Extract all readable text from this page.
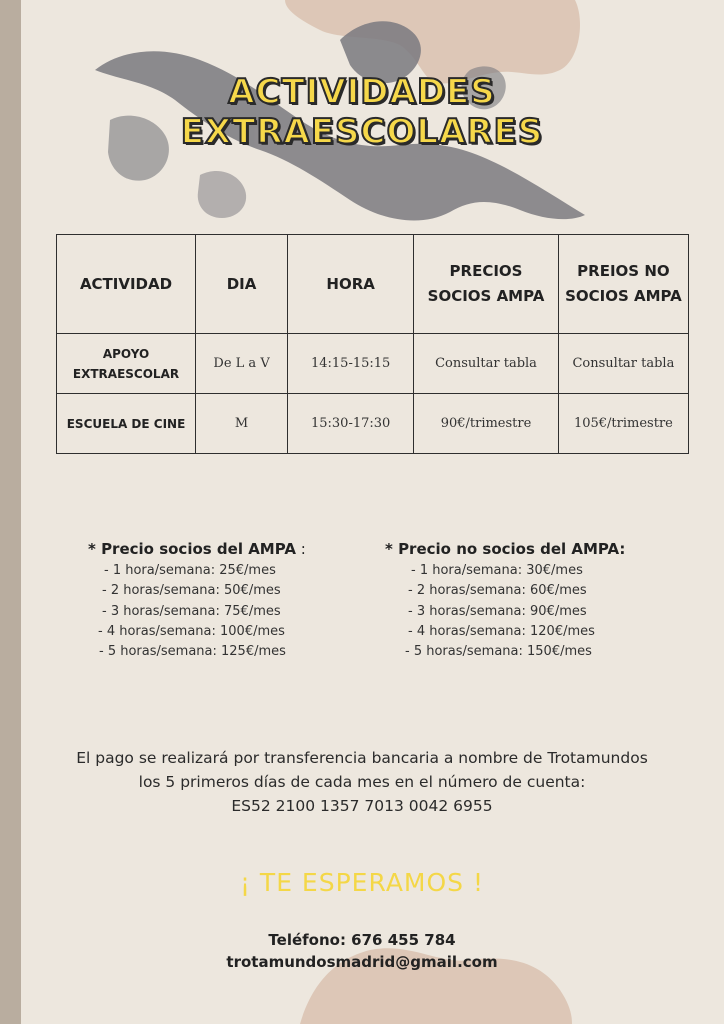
ACTIVIDADES
EXTRAESCOLARES
ACTIVIDAD	DIA	HORA	PRECIOS SOCIOS AMPA	PREIOS NO SOCIOS AMPA
APOYO EXTRAESCOLAR	De L a V	14:15-15:15	Consultar tabla	Consultar tabla
ESCUELA DE CINE	M	15:30-17:30	90€/trimestre	105€/trimestre
* Precio socios del AMPA :
- 1 hora/semana: 25€/mes
- 2 horas/semana: 50€/mes
- 3 horas/semana: 75€/mes
- 4 horas/semana: 100€/mes
- 5 horas/semana: 125€/mes
* Precio no socios del AMPA:
- 1 hora/semana: 30€/mes
- 2 horas/semana: 60€/mes
- 3 horas/semana: 90€/mes
- 4 horas/semana: 120€/mes
- 5 horas/semana: 150€/mes
El pago se realizará por transferencia bancaria a nombre de Trotamundos
los 5 primeros días de cada mes en el número de cuenta:
ES52 2100 1357 7013 0042 6955
¡ TE ESPERAMOS !
Teléfono: 676 455 784
trotamundosmadrid@gmail.com
